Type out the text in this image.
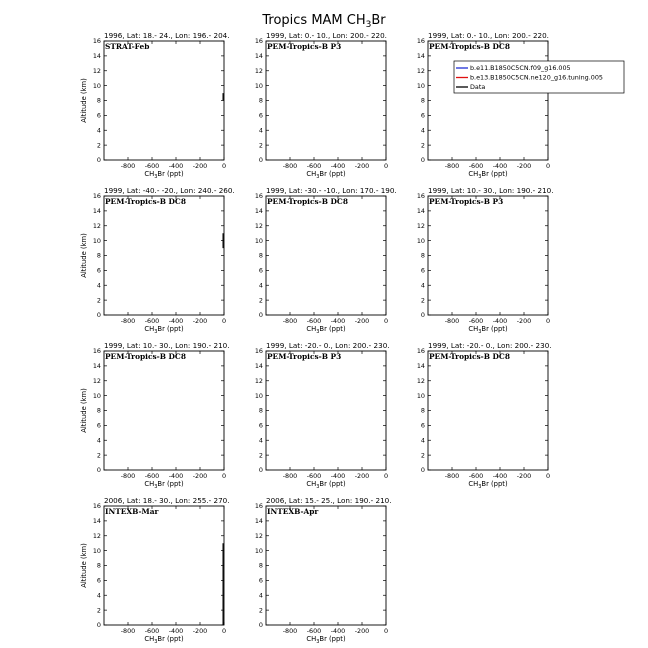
Tropics MAM $CH_3Br$
1996, Lat: 18.- 24., Lon: 196.- 204.
STRAT-Feb
0
2
4
6
8
10
12
14
16
-800 -600 -400 -200 0
$CH_3Br$ (ppt)
Altitude (km)
1999, Lat: 0.- 10., Lon: 200.- 220.
PEM-Tropics-B P3
0
2
4
6
8
10
12
14
16
-800 -600 -400 -200 0
$CH_3Br$ (ppt)
1999, Lat: 0.- 10., Lon: 200.- 220.
PEM-Tropics-B DC8
0
2
4
6
8
10
12
14
16
-800 -600 -400 -200 0
$CH_3Br$ (ppt)
b.e11.B1850C5CN.f09_g16.005
b.e13.B1850C5CN.ne120_g16.tuning.005
Data
1999, Lat: -40.- -20., Lon: 240.- 260.
PEM-Tropics-B DC8
0
2
4
6
8
10
12
14
16
-800 -600 -400 -200 0
$CH_3Br$ (ppt)
Altitude (km)
1999, Lat: -30.- -10., Lon: 170.- 190.
PEM-Tropics-B DC8
0
2
4
6
8
10
12
14
16
-800 -600 -400 -200 0
$CH_3Br$ (ppt)
1999, Lat: 10.- 30., Lon: 190.- 210.
PEM-Tropics-B P3
0
2
4
6
8
10
12
14
16
-800 -600 -400 -200 0
$CH_3Br$ (ppt)
1999, Lat: 10.- 30., Lon: 190.- 210.
PEM-Tropics-B DC8
0
2
4
6
8
10
12
14
16
-800 -600 -400 -200 0
$CH_3Br$ (ppt)
Altitude (km)
1999, Lat: -20.- 0., Lon: 200.- 230.
PEM-Tropics-B P3
0
2
4
6
8
10
12
14
16
-800 -600 -400 -200 0
$CH_3Br$ (ppt)
1999, Lat: -20.- 0., Lon: 200.- 230.
PEM-Tropics-B DC8
0
2
4
6
8
10
12
14
16
-800 -600 -400 -200 0
$CH_3Br$ (ppt)
2006, Lat: 18.- 30., Lon: 255.- 270.
INTEXB-Mar
0
2
4
6
8
10
12
14
16
-800 -600 -400 -200 0
$CH_3Br$ (ppt)
Altitude (km)
2006, Lat: 15.- 25., Lon: 190.- 210.
INTEXB-Apr
0
2
4
6
8
10
12
14
16
-800 -600 -400 -200 0
$CH_3Br$ (ppt)
